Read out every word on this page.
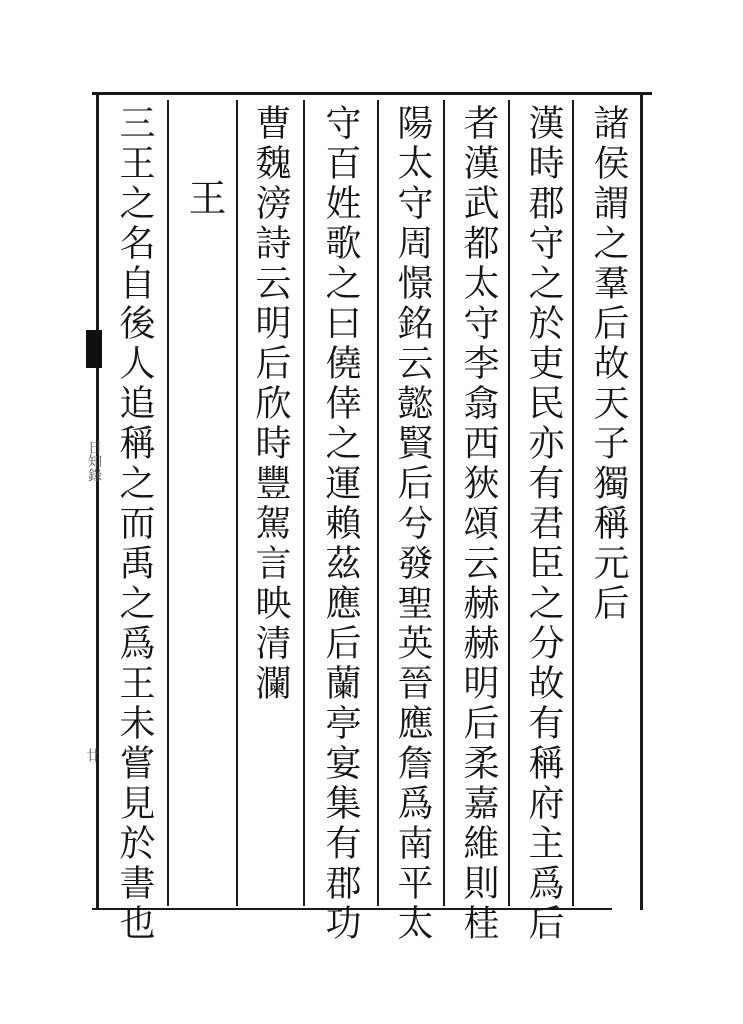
諸侯謂之羣后故天子獨稱元后
漢時郡守之於吏民亦有君臣之分故有稱府主爲后
者漢武都太守李翕西狹頌云赫赫明后柔嘉維則桂
陽太守周憬銘云懿賢后兮發聖英晉應詹爲南平太
守百姓歌之曰僥倖之運賴茲應后蘭亭宴集有郡功
曹魏滂詩云明后欣時豐駕言映清瀾
王
三王之名自後人追稱之而禹之爲王未嘗見於書也
日知錄
廿
